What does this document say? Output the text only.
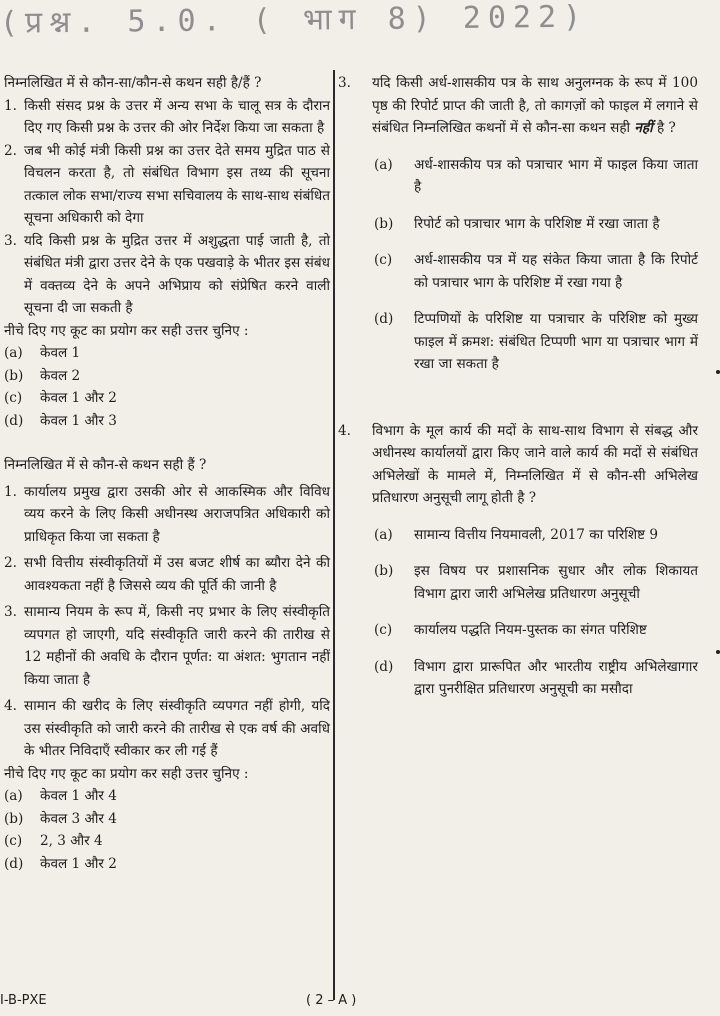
(प्रश्न. 5.0. ( भाग 8) 2022)

निम्नलिखित में से कौन-सा/कौन-से कथन सही है/हैं ?

1. किसी संसद प्रश्न के उत्तर में अन्य सभा के चालू सत्र के दौरान दिए गए किसी प्रश्न के उत्तर की ओर निर्देश किया जा सकता है
2. जब भी कोई मंत्री किसी प्रश्न का उत्तर देते समय मुद्रित पाठ से विचलन करता है, तो संबंधित विभाग इस तथ्य की सूचना तत्काल लोक सभा/राज्य सभा सचिवालय के साथ-साथ संबंधित सूचना अधिकारी को देगा
3. यदि किसी प्रश्न के मुद्रित उत्तर में अशुद्धता पाई जाती है, तो संबंधित मंत्री द्वारा उत्तर देने के एक पखवाड़े के भीतर इस संबंध में वक्तव्य देने के अपने अभिप्राय को संप्रेषित करने वाली सूचना दी जा सकती है

नीचे दिए गए कूट का प्रयोग कर सही उत्तर चुनिए :

(a)	केवल 1
(b)	केवल 2
(c)	केवल 1 और 2
(d)	केवल 1 और 3

निम्नलिखित में से कौन-से कथन सही हैं ?

1. कार्यालय प्रमुख द्वारा उसकी ओर से आकस्मिक और विविध व्यय करने के लिए किसी अधीनस्थ अराजपत्रित अधिकारी को प्राधिकृत किया जा सकता है
2. सभी वित्तीय संस्वीकृतियों में उस बजट शीर्ष का ब्यौरा देने की आवश्यकता नहीं है जिससे व्यय की पूर्ति की जानी है
3. सामान्य नियम के रूप में, किसी नए प्रभार के लिए संस्वीकृति व्यपगत हो जाएगी, यदि संस्वीकृति जारी करने की तारीख से 12 महीनों की अवधि के दौरान पूर्णत: या अंशत: भुगतान नहीं किया जाता है
4. सामान की खरीद के लिए संस्वीकृति व्यपगत नहीं होगी, यदि उस संस्वीकृति को जारी करने की तारीख से एक वर्ष की अवधि के भीतर निविदाएँ स्वीकार कर ली गई हैं

नीचे दिए गए कूट का प्रयोग कर सही उत्तर चुनिए :

(a)	केवल 1 और 4
(b)	केवल 3 और 4
(c)	2, 3 और 4
(d)	केवल 1 और 2
3.	यदि किसी अर्ध-शासकीय पत्र के साथ अनुलग्नक के रूप में 100 पृष्ठ की रिपोर्ट प्राप्त की जाती है, तो कागज़ों को फाइल में लगाने से संबंधित निम्नलिखित कथनों में से कौन-सा कथन सही नहीं है ?
(a)	अर्ध-शासकीय पत्र को पत्राचार भाग में फाइल किया जाता है
(b)	रिपोर्ट को पत्राचार भाग के परिशिष्ट में रखा जाता है
(c)	अर्ध-शासकीय पत्र में यह संकेत किया जाता है कि रिपोर्ट को पत्राचार भाग के परिशिष्ट में रखा गया है
(d)	टिप्पणियों के परिशिष्ट या पत्राचार के परिशिष्ट को मुख्य फाइल में क्रमश: संबंधित टिप्पणी भाग या पत्राचार भाग में रखा जा सकता है
4.	विभाग के मूल कार्य की मदों के साथ-साथ विभाग से संबद्ध और अधीनस्थ कार्यालयों द्वारा किए जाने वाले कार्य की मदों से संबंधित अभिलेखों के मामले में, निम्नलिखित में से कौन-सी अभिलेख प्रतिधारण अनुसूची लागू होती है ?
(a)	सामान्य वित्तीय नियमावली, 2017 का परिशिष्ट 9
(b)	इस विषय पर प्रशासनिक सुधार और लोक शिकायत विभाग द्वारा जारी अभिलेख प्रतिधारण अनुसूची
(c)	कार्यालय पद्धति नियम-पुस्तक का संगत परिशिष्ट
(d)	विभाग द्वारा प्रारूपित और भारतीय राष्ट्रीय अभिलेखागार द्वारा पुनरीक्षित प्रतिधारण अनुसूची का मसौदा
I-B-PXE	( 2 – A )
